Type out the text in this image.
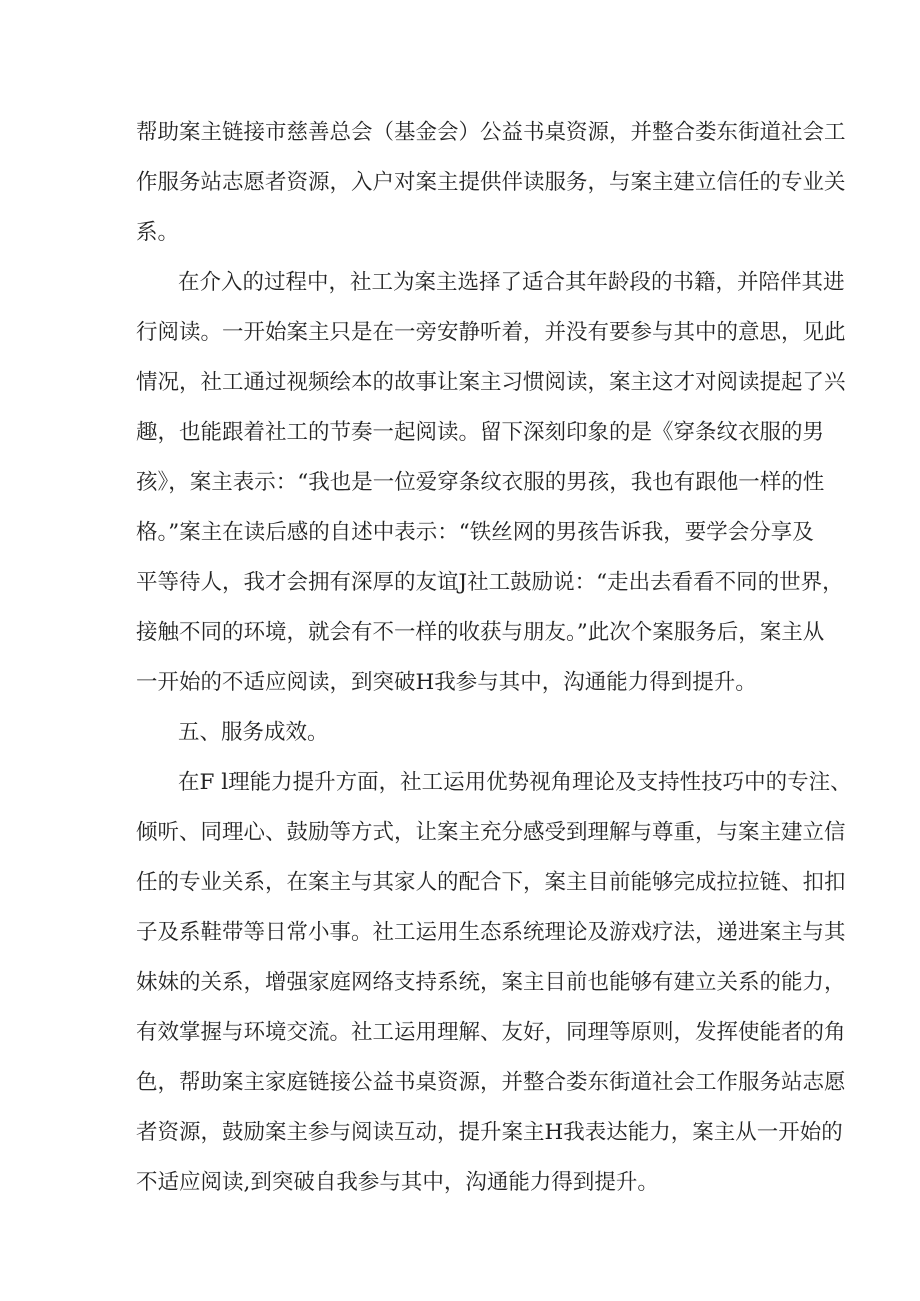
帮助案主链接市慈善总会（基金会）公益书桌资源，并整合娄东街道社会工

作服务站志愿者资源，入户对案主提供伴读服务，与案主建立信任的专业关

系。

在介入的过程中，社工为案主选择了适合其年龄段的书籍，并陪伴其进

行阅读。一开始案主只是在一旁安静听着，并没有要参与其中的意思，见此

情况，社工通过视频绘本的故事让案主习惯阅读，案主这才对阅读提起了兴

趣，也能跟着社工的节奏一起阅读。留下深刻印象的是《穿条纹衣服的男

孩》，案主表示：“我也是一位爱穿条纹衣服的男孩，我也有跟他一样的性

格。”案主在读后感的自述中表示：“铁丝网的男孩告诉我，要学会分享及

平等待人，我才会拥有深厚的友谊J社工鼓励说：“走出去看看不同的世界，

接触不同的环境，就会有不一样的收获与朋友。”此次个案服务后，案主从

一开始的不适应阅读，到突破H我参与其中，沟通能力得到提升。

五、服务成效。

在F l理能力提升方面，社工运用优势视角理论及支持性技巧中的专注、

倾听、同理心、鼓励等方式，让案主充分感受到理解与尊重，与案主建立信

任的专业关系，在案主与其家人的配合下，案主目前能够完成拉拉链、扣扣

子及系鞋带等日常小事。社工运用生态系统理论及游戏疗法，递进案主与其

妹妹的关系，增强家庭网络支持系统，案主目前也能够有建立关系的能力，

有效掌握与环境交流。社工运用理解、友好，同理等原则，发挥使能者的角

色，帮助案主家庭链接公益书桌资源，并整合娄东街道社会工作服务站志愿

者资源，鼓励案主参与阅读互动，提升案主H我表达能力，案主从一开始的

不适应阅读,到突破自我参与其中，沟通能力得到提升。
